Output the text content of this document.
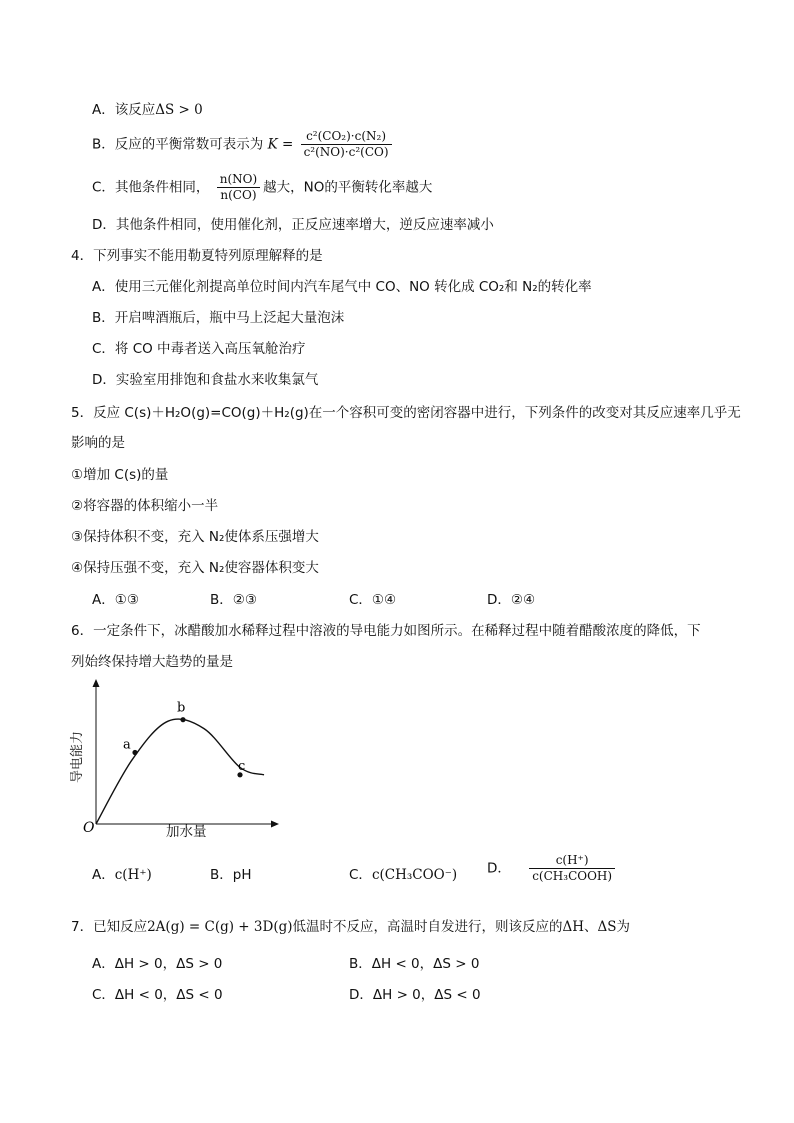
A．该反应ΔS > 0
B．反应的平衡常数可表示为 $K = \frac{\text{c²(CO₂)·c(N₂)}}{\text{c²(NO)·c²(CO)}}$
C．其他条件相同， $\frac{n(NO)}{n(CO)}$ 越大，NO的平衡转化率越大
D．其他条件相同，使用催化剂，正反应速率增大，逆反应速率减小
4．下列事实不能用勒夏特列原理解释的是
A．使用三元催化剂提高单位时间内汽车尾气中 CO、NO 转化成 CO₂和 N₂的转化率
B．开启啤酒瓶后，瓶中马上泛起大量泡沫
C．将 CO 中毒者送入高压氧舱治疗
D．实验室用排饱和食盐水来收集氯气
5．反应 C(s)＋H₂O(g)=CO(g)＋H₂(g)在一个容积可变的密闭容器中进行，下列条件的改变对其反应速率几乎无
影响的是
①增加 C(s)的量
②将容器的体积缩小一半
③保持体积不变，充入 N₂使体系压强增大
④保持压强不变，充入 N₂使容器体积变大
A．①③	B．②③	C．①④	D．②④
6．一定条件下，冰醋酸加水稀释过程中溶液的导电能力如图所示。在稀释过程中随着醋酸浓度的降低，下
列始终保持增大趋势的量是
a
b
c
O
导电能力
加水量
A．c(H⁺)	B．pH	C．c(CH₃COO⁻) D． $\frac{c(H^+)}{\text{c(CH₃COOH)}}$
7．已知反应2A(g) = C(g) + 3D(g)低温时不反应，高温时自发进行，则该反应的ΔH、ΔS为
A．ΔH > 0，ΔS > 0	B．ΔH < 0，ΔS > 0
C．ΔH < 0，ΔS < 0	D．ΔH > 0，ΔS < 0
